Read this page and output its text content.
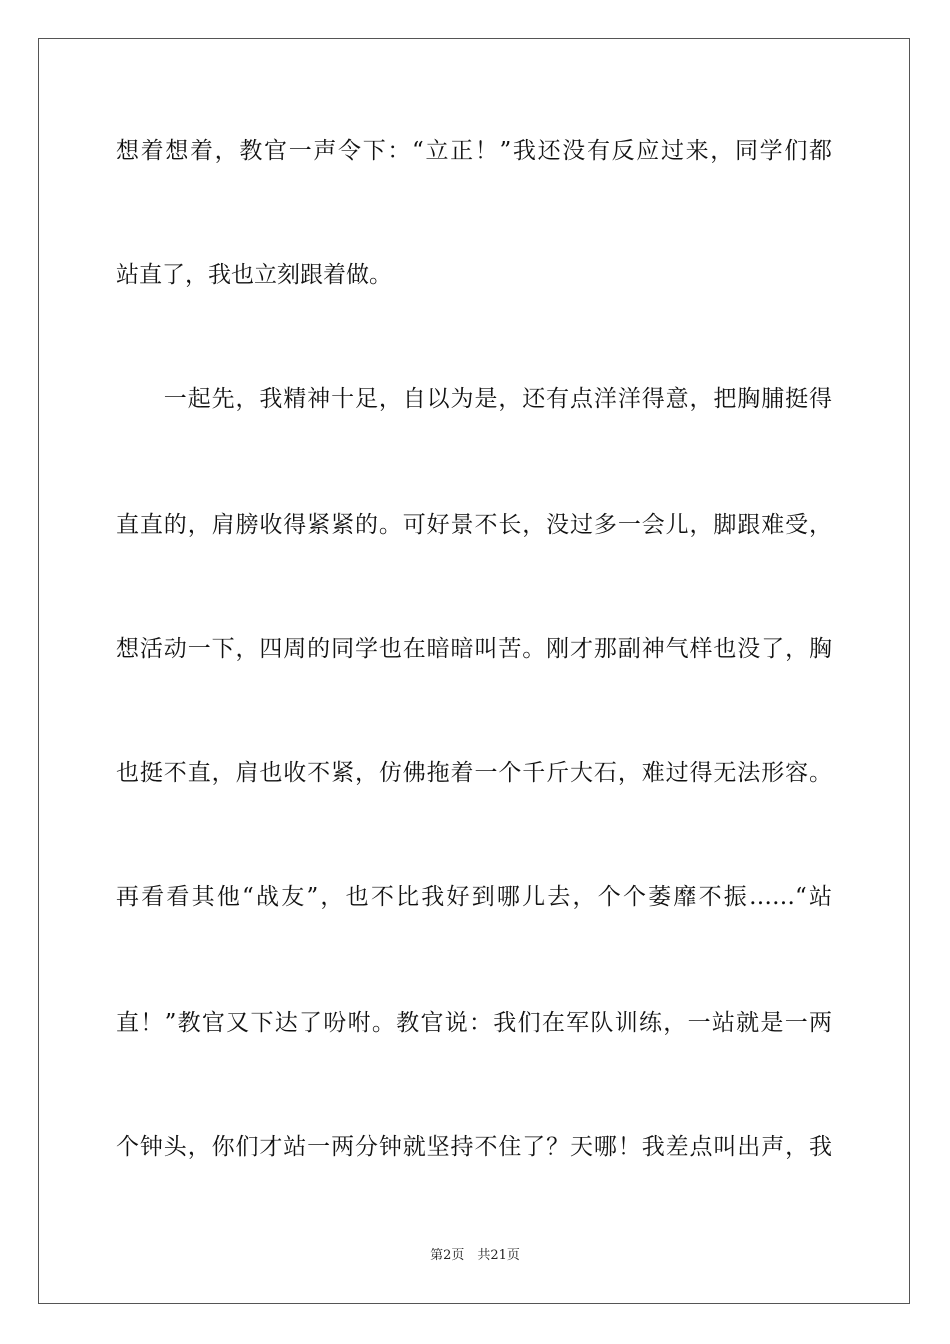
想着想着，教官一声令下：“立正！”我还没有反应过来，同学们都
站直了，我也立刻跟着做。
　　一起先，我精神十足，自以为是，还有点洋洋得意，把胸脯挺得
直直的，肩膀收得紧紧的。可好景不长，没过多一会儿，脚跟难受，
想活动一下，四周的同学也在暗暗叫苦。刚才那副神气样也没了，胸
也挺不直，肩也收不紧，仿佛拖着一个千斤大石，难过得无法形容。
再看看其他“战友”，也不比我好到哪儿去，个个萎靡不振……“站
直！”教官又下达了吩咐。教官说：我们在军队训练，一站就是一两
个钟头，你们才站一两分钟就坚持不住了？天哪！我差点叫出声，我
第2页　共21页
